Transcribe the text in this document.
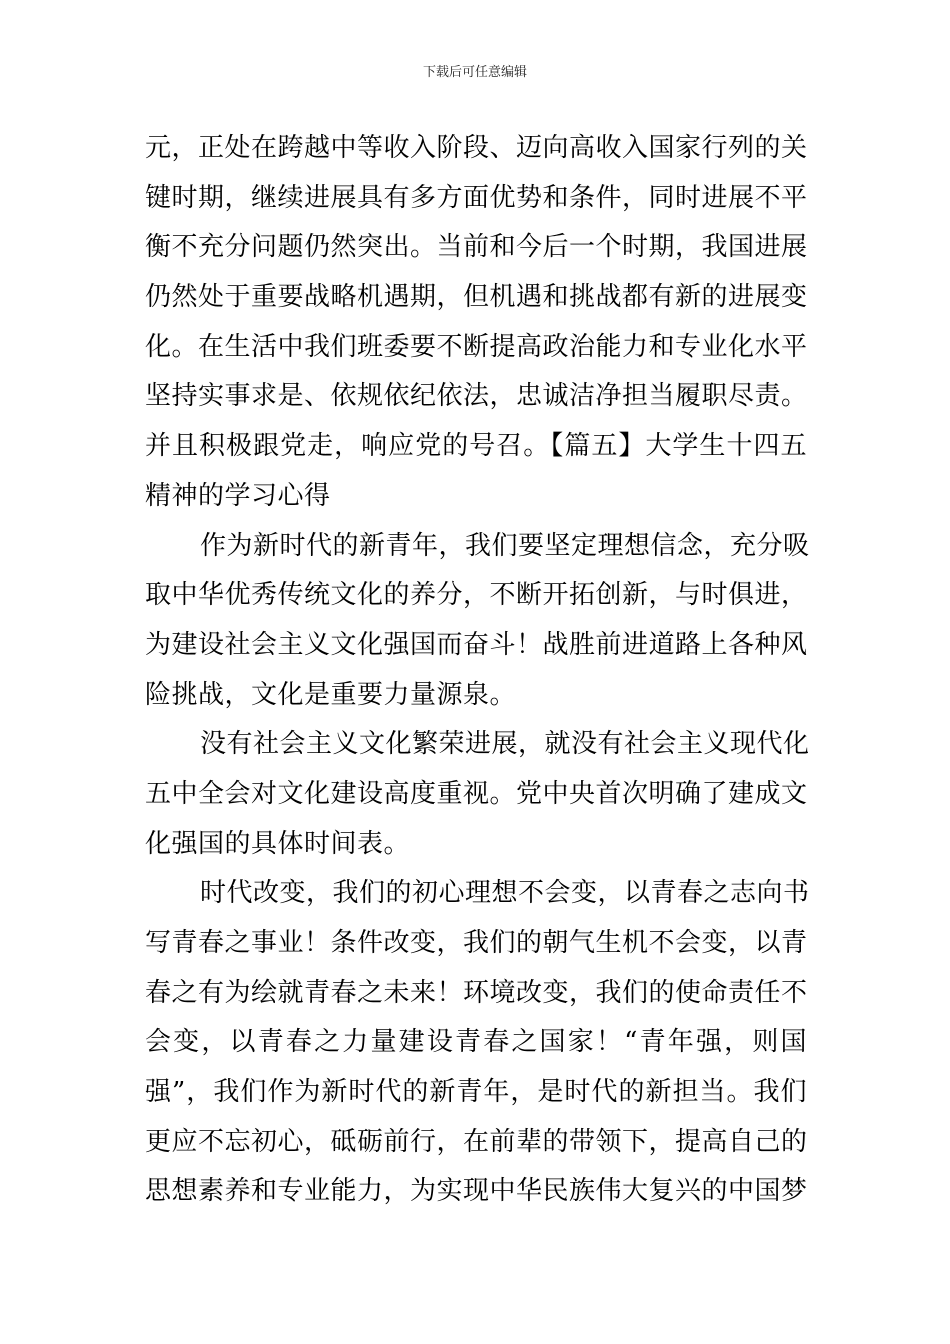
下载后可任意编辑
元，正处在跨越中等收入阶段、迈向高收入国家行列的关
键时期，继续进展具有多方面优势和条件，同时进展不平
衡不充分问题仍然突出。当前和今后一个时期，我国进展
仍然处于重要战略机遇期，但机遇和挑战都有新的进展变
化。在生活中我们班委要不断提高政治能力和专业化水平
坚持实事求是、依规依纪依法，忠诚洁净担当履职尽责。
并且积极跟党走，响应党的号召。【篇五】大学生十四五
精神的学习心得
作为新时代的新青年，我们要坚定理想信念，充分吸
取中华优秀传统文化的养分，不断开拓创新，与时俱进，
为建设社会主义文化强国而奋斗！战胜前进道路上各种风
险挑战，文化是重要力量源泉。
没有社会主义文化繁荣进展，就没有社会主义现代化
五中全会对文化建设高度重视。党中央首次明确了建成文
化强国的具体时间表。
时代改变，我们的初心理想不会变，以青春之志向书
写青春之事业！条件改变，我们的朝气生机不会变，以青
春之有为绘就青春之未来！环境改变，我们的使命责任不
会变，以青春之力量建设青春之国家！“青年强，则国
强”，我们作为新时代的新青年，是时代的新担当。我们
更应不忘初心，砥砺前行，在前辈的带领下，提高自己的
思想素养和专业能力，为实现中华民族伟大复兴的中国梦
